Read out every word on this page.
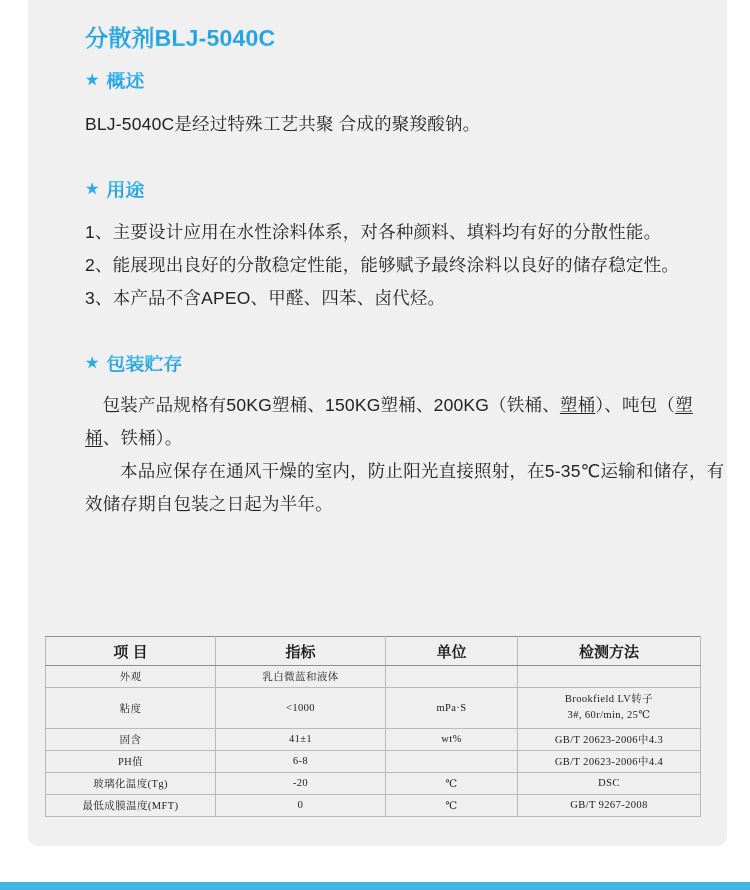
分散剂BLJ-5040C
★ 概述
BLJ-5040C是经过特殊工艺共聚 合成的聚羧酸钠。
★ 用途
1、主要设计应用在水性涂料体系，对各种颜料、填料均有好的分散性能。
2、能展现出良好的分散稳定性能，能够赋予最终涂料以良好的储存稳定性。
3、本产品不含APEO、甲醛、四苯、卤代烃。
★ 包装贮存
包装产品规格有50KG塑桶、150KG塑桶、200KG（铁桶、塑桶）、吨包（塑桶、铁桶）。
本品应保存在通风干燥的室内，防止阳光直接照射，在5-35℃运输和储存，有效储存期自包装之日起为半年。
项 目	指标	单位	检测方法
外观	乳白微蓝和液体		
粘度	<1000	mPa·S	Brookfield LV转子
3#, 60r/min, 25℃

固含	41±1	wt%	GB/T 20623-2006中4.3
PH值	6-8		GB/T 20623-2006中4.4
玻璃化温度(Tg)	-20	℃	DSC
最低成膜温度(MFT)	0	℃	GB/T 9267-2008
